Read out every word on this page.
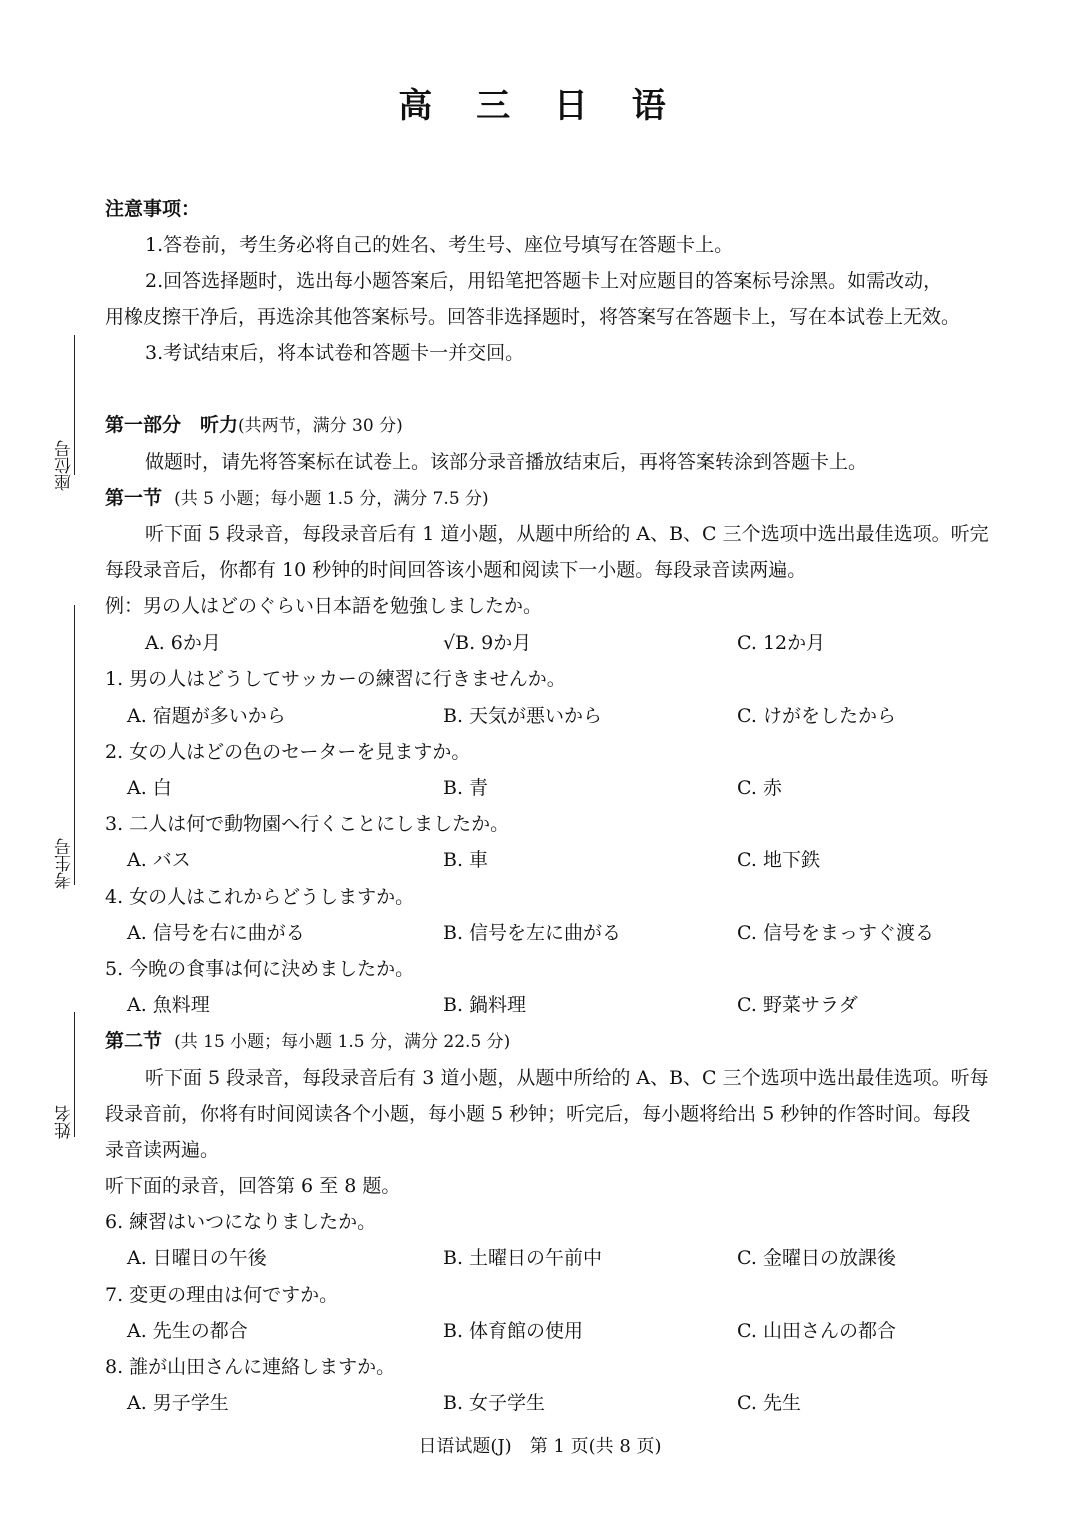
高 三 日 语
座位号
考生号
姓名
注意事项：
1.答卷前，考生务必将自己的姓名、考生号、座位号填写在答题卡上。
2.回答选择题时，选出每小题答案后，用铅笔把答题卡上对应题目的答案标号涂黑。如需改动，
用橡皮擦干净后，再选涂其他答案标号。回答非选择题时，将答案写在答题卡上，写在本试卷上无效。
3.考试结束后，将本试卷和答题卡一并交回。
第一部分　听力(共两节，满分 30 分)
做题时，请先将答案标在试卷上。该部分录音播放结束后，再将答案转涂到答题卡上。
第一节 (共 5 小题；每小题 1.5 分，满分 7.5 分)
听下面 5 段录音，每段录音后有 1 道小题，从题中所给的 A、B、C 三个选项中选出最佳选项。听完
每段录音后，你都有 10 秒钟的时间回答该小题和阅读下一小题。每段录音读两遍。
例：男の人はどのぐらい日本語を勉強しましたか。
A. 6か月	√B. 9か月	C. 12か月
1. 男の人はどうしてサッカーの練習に行きませんか。
A. 宿題が多いから	B. 天気が悪いから	C. けがをしたから
2. 女の人はどの色のセーターを見ますか。
A. 白	B. 青	C. 赤
3. 二人は何で動物園へ行くことにしましたか。
A. バス	B. 車	C. 地下鉄
4. 女の人はこれからどうしますか。
A. 信号を右に曲がる	B. 信号を左に曲がる	C. 信号をまっすぐ渡る
5. 今晩の食事は何に決めましたか。
A. 魚料理	B. 鍋料理	C. 野菜サラダ
第二节 (共 15 小题；每小题 1.5 分，满分 22.5 分)
听下面 5 段录音，每段录音后有 3 道小题，从题中所给的 A、B、C 三个选项中选出最佳选项。听每
段录音前，你将有时间阅读各个小题，每小题 5 秒钟；听完后，每小题将给出 5 秒钟的作答时间。每段
录音读两遍。
听下面的录音，回答第 6 至 8 题。
6. 練習はいつになりましたか。
A. 日曜日の午後	B. 土曜日の午前中	C. 金曜日の放課後
7. 変更の理由は何ですか。
A. 先生の都合	B. 体育館の使用	C. 山田さんの都合
8. 誰が山田さんに連絡しますか。
A. 男子学生	B. 女子学生	C. 先生
日语试题(J)　第 1 页(共 8 页)
